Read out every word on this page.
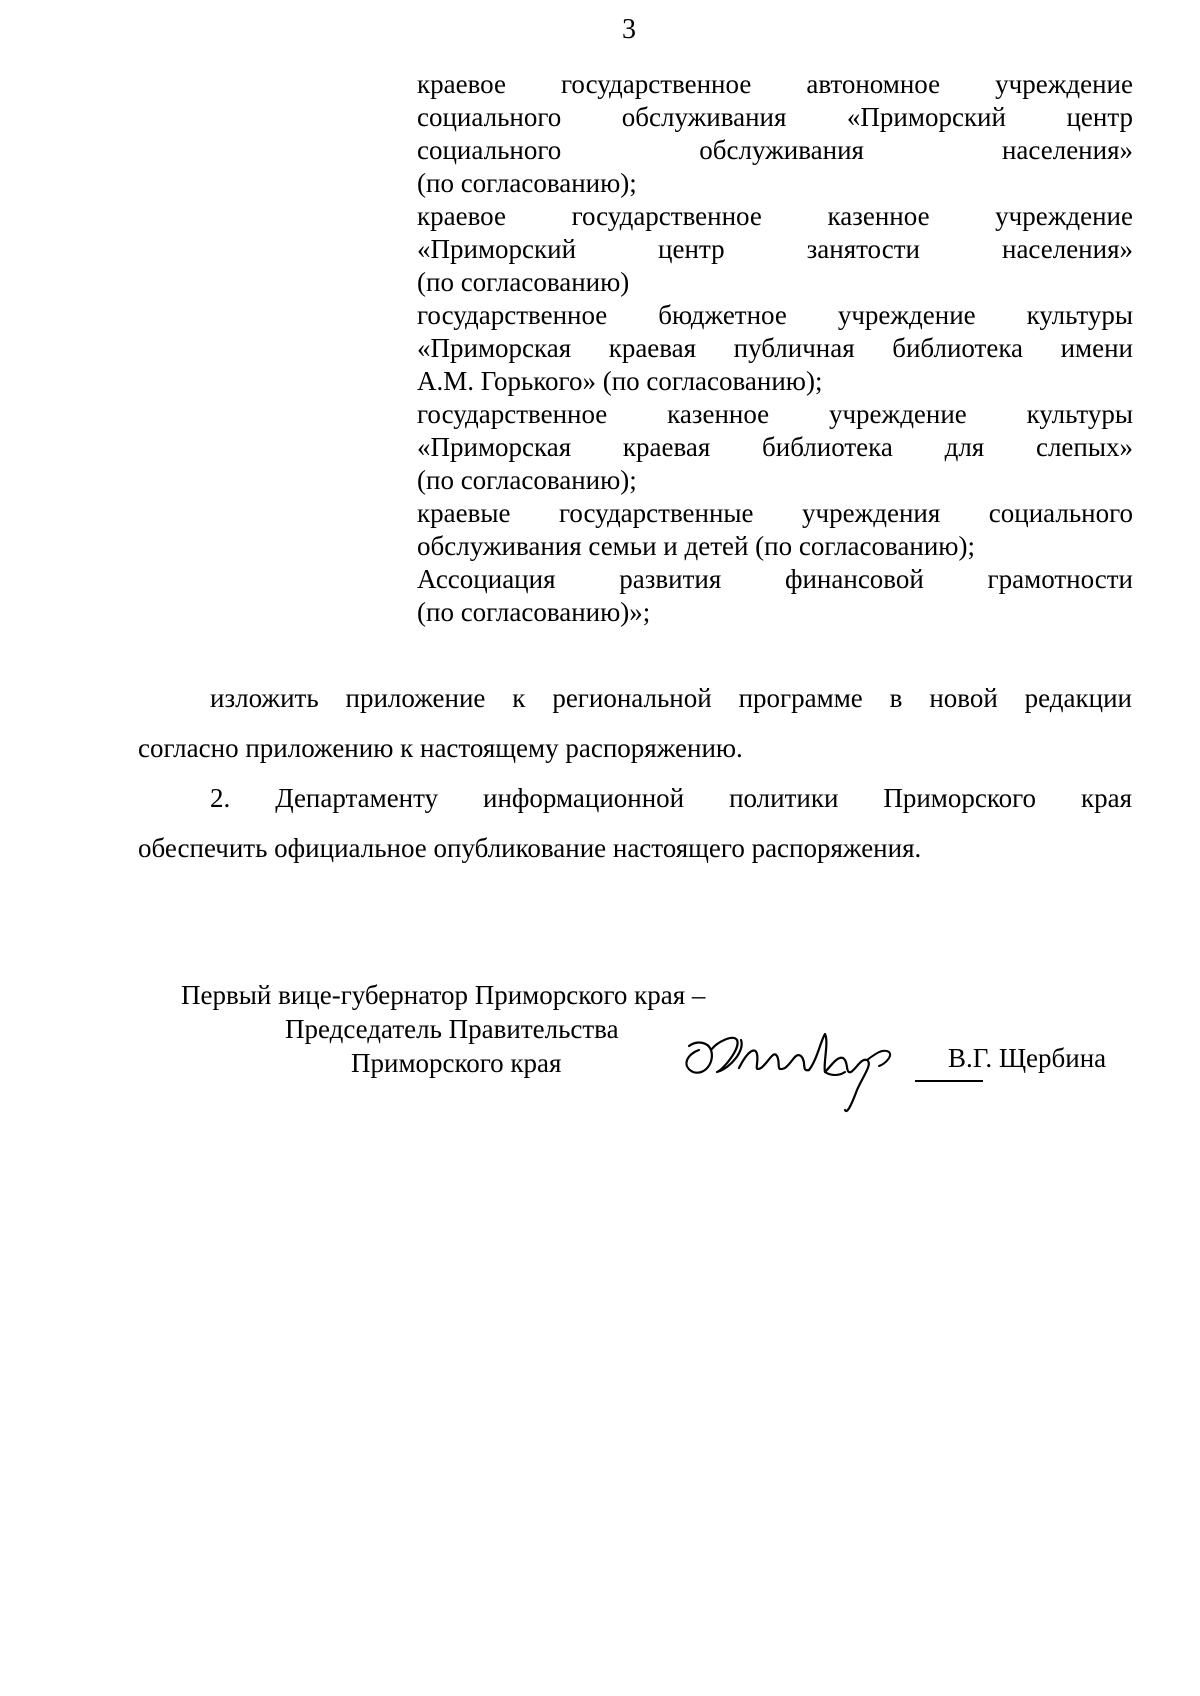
3
краевое государственное автономное учреждение
социального обслуживания «Приморский центр
социального обслуживания населения»
(по согласованию);
краевое государственное казенное учреждение
«Приморский центр занятости населения»
(по согласованию)
государственное бюджетное учреждение культуры
«Приморская краевая публичная библиотека имени
А.М. Горького» (по согласованию);
государственное казенное учреждение культуры
«Приморская краевая библиотека для слепых»
(по согласованию);
краевые государственные учреждения социального
обслуживания семьи и детей (по согласованию);
Ассоциация развития финансовой грамотности
(по согласованию)»;
изложить приложение к региональной программе в новой редакции
согласно приложению к настоящему распоряжению.
2. Департаменту информационной политики Приморского края
обеспечить официальное опубликование настоящего распоряжения.
Первый вице-губернатор Приморского края –
Председатель Правительства
Приморского края	В.Г. Щербина
